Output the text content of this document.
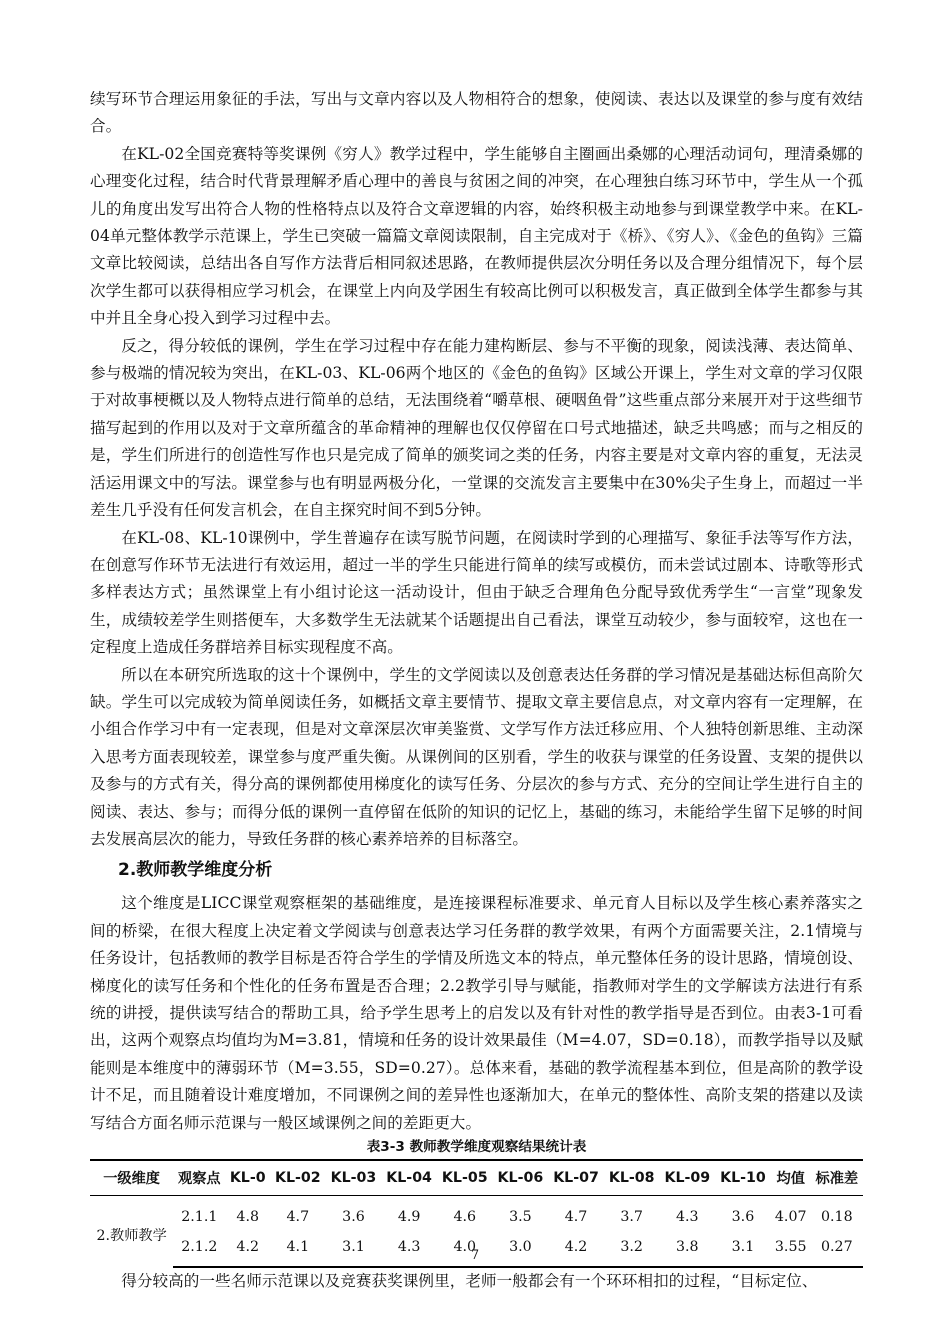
续写环节合理运用象征的手法，写出与文章内容以及人物相符合的想象，使阅读、表达以及课堂的参与度有效结合。

在KL-02全国竞赛特等奖课例《穷人》教学过程中，学生能够自主圈画出桑娜的心理活动词句，理清桑娜的心理变化过程，结合时代背景理解矛盾心理中的善良与贫困之间的冲突，在心理独白练习环节中，学生从一个孤儿的角度出发写出符合人物的性格特点以及符合文章逻辑的内容，始终积极主动地参与到课堂教学中来。在KL-04单元整体教学示范课上，学生已突破一篇篇文章阅读限制，自主完成对于《桥》、《穷人》、《金色的鱼钩》三篇文章比较阅读，总结出各自写作方法背后相同叙述思路，在教师提供层次分明任务以及合理分组情况下，每个层次学生都可以获得相应学习机会，在课堂上内向及学困生有较高比例可以积极发言，真正做到全体学生都参与其中并且全身心投入到学习过程中去。

反之，得分较低的课例，学生在学习过程中存在能力建构断层、参与不平衡的现象，阅读浅薄、表达简单、参与极端的情况较为突出，在KL-03、KL-06两个地区的《金色的鱼钩》区域公开课上，学生对文章的学习仅限于对故事梗概以及人物特点进行简单的总结，无法围绕着“嚼草根、硬咽鱼骨”这些重点部分来展开对于这些细节描写起到的作用以及对于文章所蕴含的革命精神的理解也仅仅停留在口号式地描述，缺乏共鸣感；而与之相反的是，学生们所进行的创造性写作也只是完成了简单的颁奖词之类的任务，内容主要是对文章内容的重复，无法灵活运用课文中的写法。课堂参与也有明显两极分化，一堂课的交流发言主要集中在30%尖子生身上，而超过一半差生几乎没有任何发言机会，在自主探究时间不到5分钟。

在KL-08、KL-10课例中，学生普遍存在读写脱节问题，在阅读时学到的心理描写、象征手法等写作方法，在创意写作环节无法进行有效运用，超过一半的学生只能进行简单的续写或模仿，而未尝试过剧本、诗歌等形式多样表达方式；虽然课堂上有小组讨论这一活动设计，但由于缺乏合理角色分配导致优秀学生“一言堂”现象发生，成绩较差学生则搭便车，大多数学生无法就某个话题提出自己看法，课堂互动较少，参与面较窄，这也在一定程度上造成任务群培养目标实现程度不高。

所以在本研究所选取的这十个课例中，学生的文学阅读以及创意表达任务群的学习情况是基础达标但高阶欠缺。学生可以完成较为简单阅读任务，如概括文章主要情节、提取文章主要信息点，对文章内容有一定理解，在小组合作学习中有一定表现，但是对文章深层次审美鉴赏、文学写作方法迁移应用、个人独特创新思维、主动深入思考方面表现较差，课堂参与度严重失衡。从课例间的区别看，学生的收获与课堂的任务设置、支架的提供以及参与的方式有关，得分高的课例都使用梯度化的读写任务、分层次的参与方式、充分的空间让学生进行自主的阅读、表达、参与；而得分低的课例一直停留在低阶的知识的记忆上，基础的练习，未能给学生留下足够的时间去发展高层次的能力，导致任务群的核心素养培养的目标落空。

2.教师教学维度分析

这个维度是LICC课堂观察框架的基础维度，是连接课程标准要求、单元育人目标以及学生核心素养落实之间的桥梁，在很大程度上决定着文学阅读与创意表达学习任务群的教学效果，有两个方面需要关注，2.1情境与任务设计，包括教师的教学目标是否符合学生的学情及所选文本的特点，单元整体任务的设计思路，情境创设、梯度化的读写任务和个性化的任务布置是否合理；2.2教学引导与赋能，指教师对学生的文学解读方法进行有系统的讲授，提供读写结合的帮助工具，给予学生思考上的启发以及有针对性的教学指导是否到位。由表3-1可看出，这两个观察点均值均为M=3.81，情境和任务的设计效果最佳（M=4.07，SD=0.18），而教学指导以及赋能则是本维度中的薄弱环节（M=3.55，SD=0.27）。总体来看，基础的教学流程基本到位，但是高阶的教学设计不足，而且随着设计难度增加，不同课例之间的差异性也逐渐加大，在单元的整体性、高阶支架的搭建以及读写结合方面名师示范课与一般区域课例之间的差距更大。

表3-3 教师教学维度观察结果统计表
一级维度	观察点	KL-0	KL-02	KL-03	KL-04	KL-05	KL-06	KL-07	KL-08	KL-09	KL-10	均值	标准差
2.教师教学	2.1.1	4.8	4.7	3.6	4.9	4.6	3.5	4.7	3.7	4.3	3.6	4.07	0.18
	2.1.2	4.2	4.1	3.1	4.3	4.0	3.0	4.2	3.2	3.8	3.1	3.55	0.27

得分较高的一些名师示范课以及竞赛获奖课例里，老师一般都会有一个环环相扣的过程，“目标定位、

7
